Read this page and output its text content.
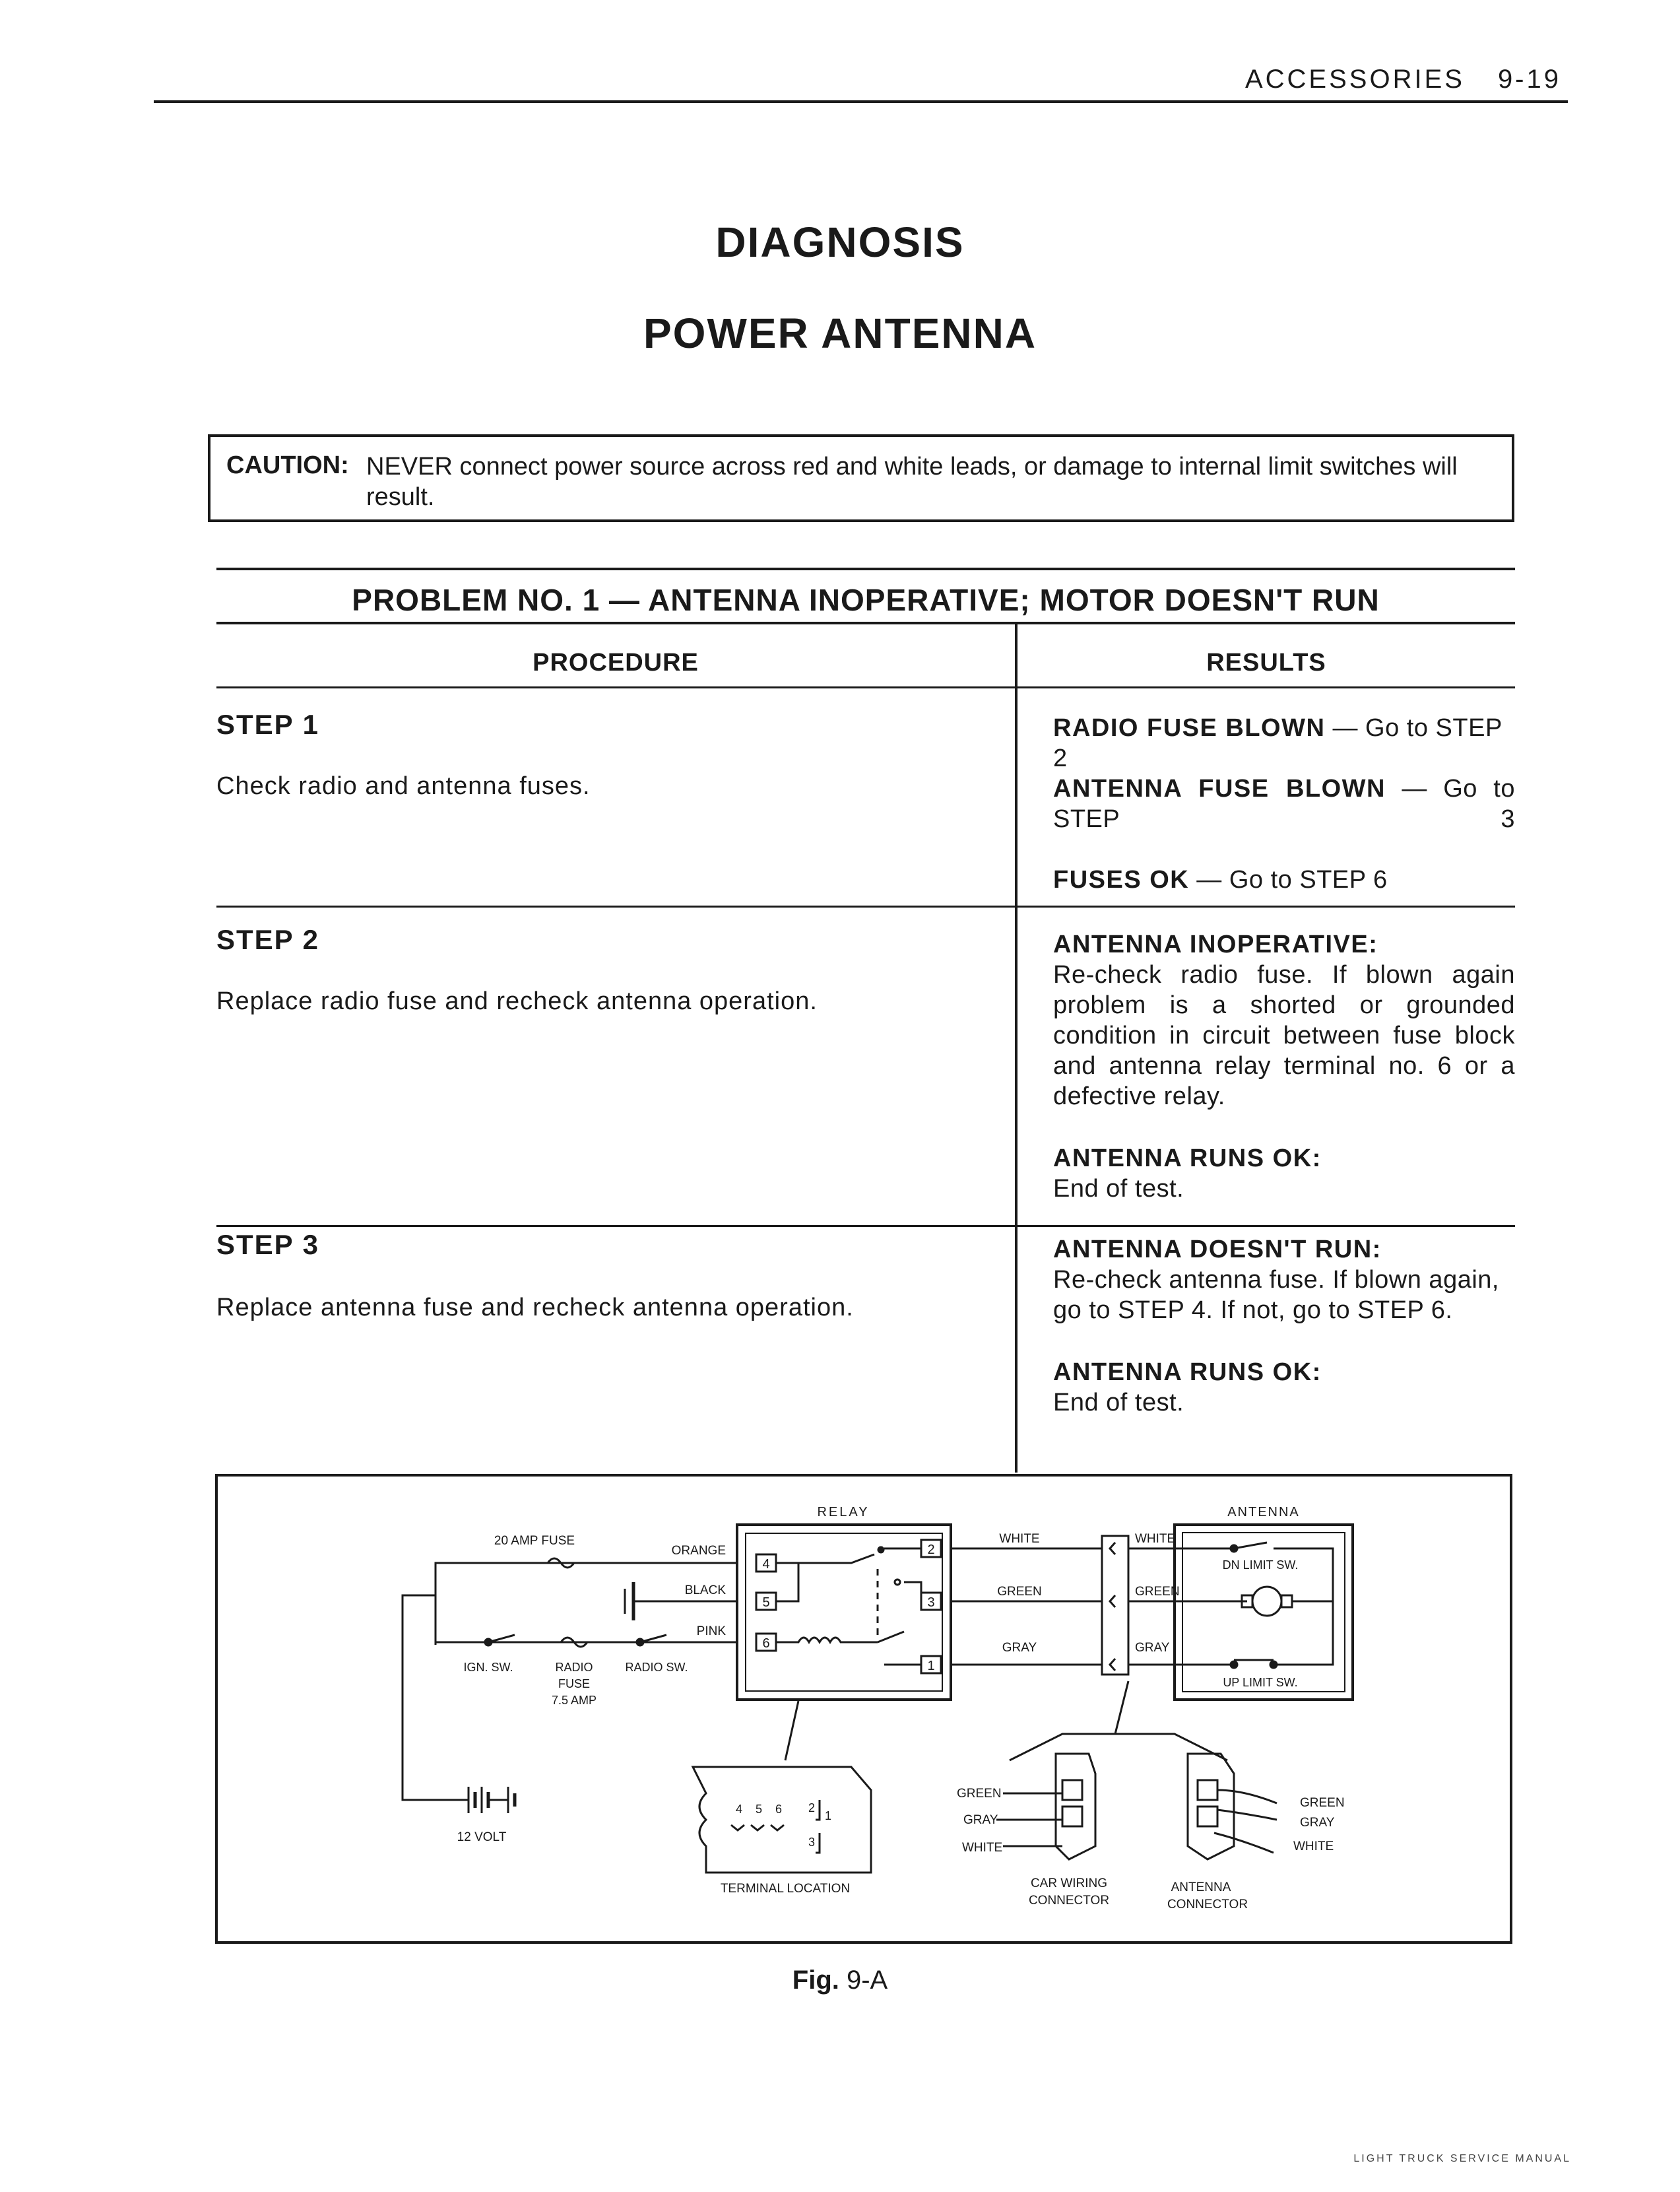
ACCESSORIES 9-19
DIAGNOSIS
POWER ANTENNA
CAUTION: NEVER connect power source across red and white leads, or damage to internal limit switches will result.
PROBLEM NO. 1 — ANTENNA INOPERATIVE; MOTOR DOESN'T RUN
PROCEDURE	RESULTS
STEP 1
Check radio and antenna fuses.
RADIO FUSE BLOWN — Go to STEP 2
ANTENNA FUSE BLOWN — Go to STEP 3
FUSES OK — Go to STEP 6
STEP 2
Replace radio fuse and recheck antenna operation.
ANTENNA INOPERATIVE:
Re-check radio fuse. If blown again problem is a shorted or grounded condition in circuit between fuse block and antenna relay terminal no. 6 or a defective relay.
ANTENNA RUNS OK:
End of test.
STEP 3
Replace antenna fuse and recheck antenna operation.
ANTENNA DOESN'T RUN:
Re-check antenna fuse. If blown again, go to STEP 4. If not, go to STEP 6.
ANTENNA RUNS OK:
End of test.
RELAY
4
5
6
2
3
1
20 AMP FUSE
ORANGE
BLACK
PINK
IGN. SW.	RADIO
FUSE
7.5 AMP
RADIO SW.
12 VOLT
WHITE
GREEN
GRAY
WHITE
GREEN
GRAY
ANTENNA
DN LIMIT SW.
UP LIMIT SW.
4 5 6 2
1
3
TERMINAL LOCATION
GREEN
GRAY
WHITE
CAR WIRING
CONNECTOR
GREEN
GRAY
WHITE
ANTENNA
CONNECTOR
Fig. 9-A
LIGHT TRUCK SERVICE MANUAL
